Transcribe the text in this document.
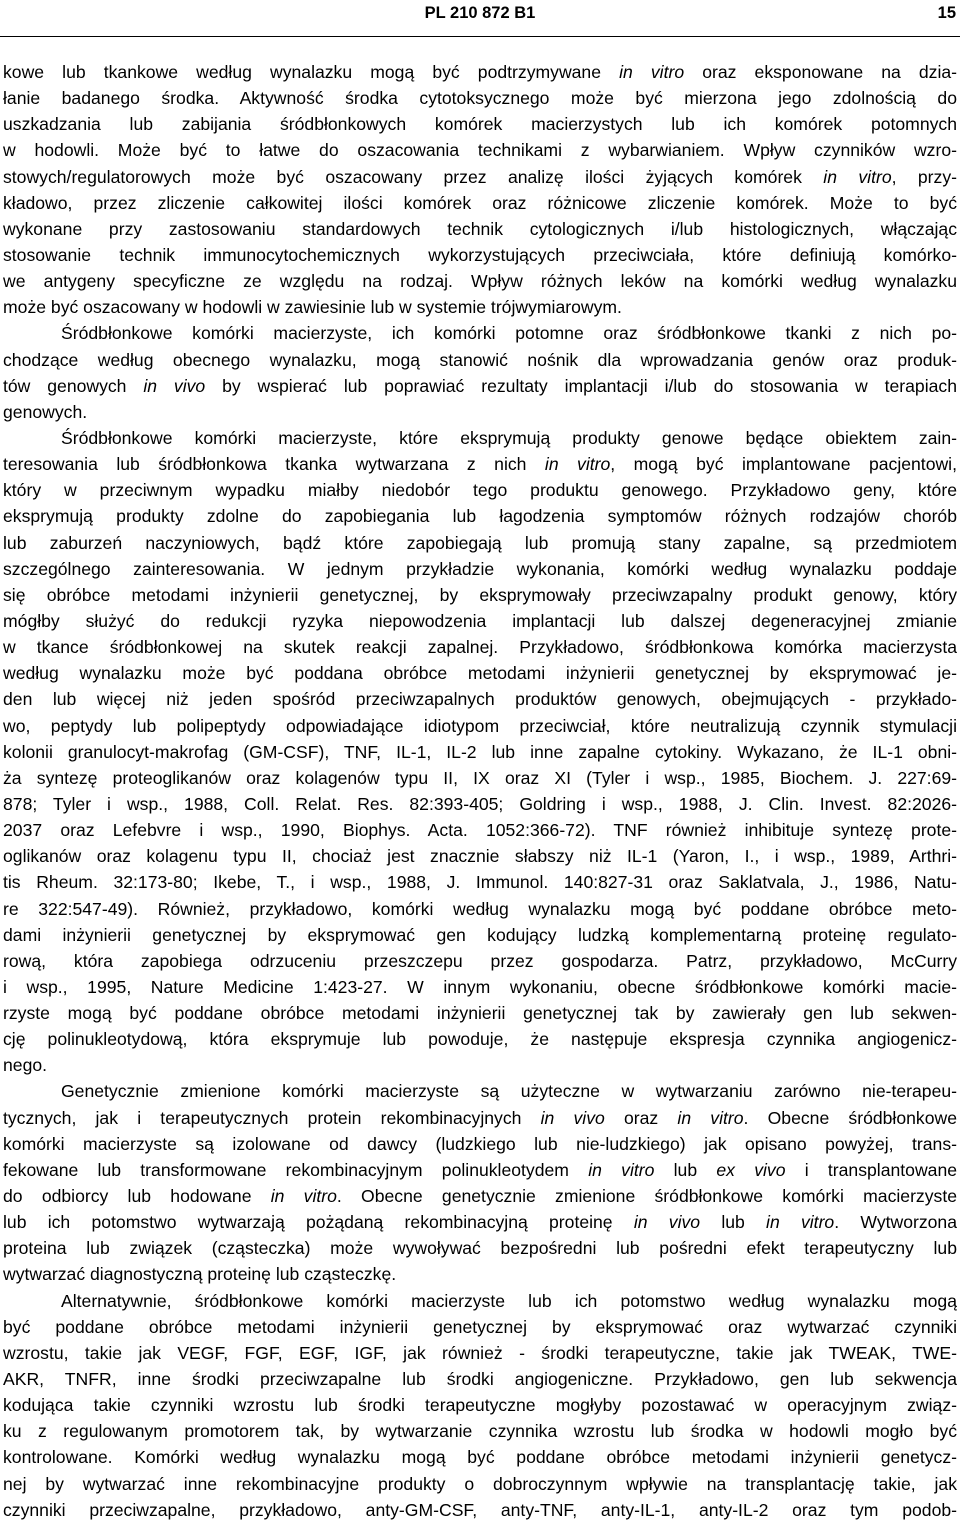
PL 210 872 B1	15
kowe lub tkankowe według wynalazku mogą być podtrzymywane in vitro oraz eksponowane na dzia-
łanie badanego środka. Aktywność środka cytotoksycznego może być mierzona jego zdolnością do
uszkadzania lub zabijania śródbłonkowych komórek macierzystych lub ich komórek potomnych
w hodowli. Może być to łatwe do oszacowania technikami z wybarwianiem. Wpływ czynników wzro-
stowych/regulatorowych może być oszacowany przez analizę ilości żyjących komórek in vitro, przy-
kładowo, przez zliczenie całkowitej ilości komórek oraz różnicowe zliczenie komórek. Może to być
wykonane przy zastosowaniu standardowych technik cytologicznych i/lub histologicznych, włączając
stosowanie technik immunocytochemicznych wykorzystujących przeciwciała, które definiują komórko-
we antygeny specyficzne ze względu na rodzaj. Wpływ różnych leków na komórki według wynalazku
może być oszacowany w hodowli w zawiesinie lub w systemie trójwymiarowym.
Śródbłonkowe komórki macierzyste, ich komórki potomne oraz śródbłonkowe tkanki z nich po-
chodzące według obecnego wynalazku, mogą stanowić nośnik dla wprowadzania genów oraz produk-
tów genowych in vivo by wspierać lub poprawiać rezultaty implantacji i/lub do stosowania w terapiach
genowych.
Śródbłonkowe komórki macierzyste, które eksprymują produkty genowe będące obiektem zain-
teresowania lub śródbłonkowa tkanka wytwarzana z nich in vitro, mogą być implantowane pacjentowi,
który w przeciwnym wypadku miałby niedobór tego produktu genowego. Przykładowo geny, które
eksprymują produkty zdolne do zapobiegania lub łagodzenia symptomów różnych rodzajów chorób
lub zaburzeń naczyniowych, bądź które zapobiegają lub promują stany zapalne, są przedmiotem
szczególnego zainteresowania. W jednym przykładzie wykonania, komórki według wynalazku poddaje
się obróbce metodami inżynierii genetycznej, by eksprymowały przeciwzapalny produkt genowy, który
mógłby służyć do redukcji ryzyka niepowodzenia implantacji lub dalszej degeneracyjnej zmianie
w tkance śródbłonkowej na skutek reakcji zapalnej. Przykładowo, śródbłonkowa komórka macierzysta
według wynalazku może być poddana obróbce metodami inżynierii genetycznej by eksprymować je-
den lub więcej niż jeden spośród przeciwzapalnych produktów genowych, obejmujących - przykłado-
wo, peptydy lub polipeptydy odpowiadające idiotypom przeciwciał, które neutralizują czynnik stymulacji
kolonii granulocyt-makrofag (GM-CSF), TNF, IL-1, IL-2 lub inne zapalne cytokiny. Wykazano, że IL-1 obni-
ża syntezę proteoglikanów oraz kolagenów typu II, IX oraz XI (Tyler i wsp., 1985, Biochem. J. 227:69-
878; Tyler i wsp., 1988, Coll. Relat. Res. 82:393-405; Goldring i wsp., 1988, J. Clin. Invest. 82:2026-
2037 oraz Lefebvre i wsp., 1990, Biophys. Acta. 1052:366-72). TNF również inhibituje syntezę prote-
oglikanów oraz kolagenu typu II, chociaż jest znacznie słabszy niż IL-1 (Yaron, I., i wsp., 1989, Arthri-
tis Rheum. 32:173-80; Ikebe, T., i wsp., 1988, J. Immunol. 140:827-31 oraz Saklatvala, J., 1986, Natu-
re 322:547-49). Również, przykładowo, komórki według wynalazku mogą być poddane obróbce meto-
dami inżynierii genetycznej by eksprymować gen kodujący ludzką komplementarną proteinę regulato-
rową, która zapobiega odrzuceniu przeszczepu przez gospodarza. Patrz, przykładowo, McCurry
i wsp., 1995, Nature Medicine 1:423-27. W innym wykonaniu, obecne śródbłonkowe komórki macie-
rzyste mogą być poddane obróbce metodami inżynierii genetycznej tak by zawierały gen lub sekwen-
cję polinukleotydową, która eksprymuje lub powoduje, że następuje ekspresja czynnika angiogenicz-
nego.
Genetycznie zmienione komórki macierzyste są użyteczne w wytwarzaniu zarówno nie-terapeu-
tycznych, jak i terapeutycznych protein rekombinacyjnych in vivo oraz in vitro. Obecne śródbłonkowe
komórki macierzyste są izolowane od dawcy (ludzkiego lub nie-ludzkiego) jak opisano powyżej, trans-
fekowane lub transformowane rekombinacyjnym polinukleotydem in vitro lub ex vivo i transplantowane
do odbiorcy lub hodowane in vitro. Obecne genetycznie zmienione śródbłonkowe komórki macierzyste
lub ich potomstwo wytwarzają pożądaną rekombinacyjną proteinę in vivo lub in vitro. Wytworzona
proteina lub związek (cząsteczka) może wywoływać bezpośredni lub pośredni efekt terapeutyczny lub
wytwarzać diagnostyczną proteinę lub cząsteczkę.
Alternatywnie, śródbłonkowe komórki macierzyste lub ich potomstwo według wynalazku mogą
być poddane obróbce metodami inżynierii genetycznej by eksprymować oraz wytwarzać czynniki
wzrostu, takie jak VEGF, FGF, EGF, IGF, jak również - środki terapeutyczne, takie jak TWEAK, TWE-
AKR, TNFR, inne środki przeciwzapalne lub środki angiogeniczne. Przykładowo, gen lub sekwencja
kodująca takie czynniki wzrostu lub środki terapeutyczne mogłyby pozostawać w operacyjnym związ-
ku z regulowanym promotorem tak, by wytwarzanie czynnika wzrostu lub środka w hodowli mogło być
kontrolowane. Komórki według wynalazku mogą być poddane obróbce metodami inżynierii genetycz-
nej by wytwarzać inne rekombinacyjne produkty o dobroczynnym wpływie na transplantację takie, jak
czynniki przeciwzapalne, przykładowo, anty-GM-CSF, anty-TNF, anty-IL-1, anty-IL-2 oraz tym podob-
